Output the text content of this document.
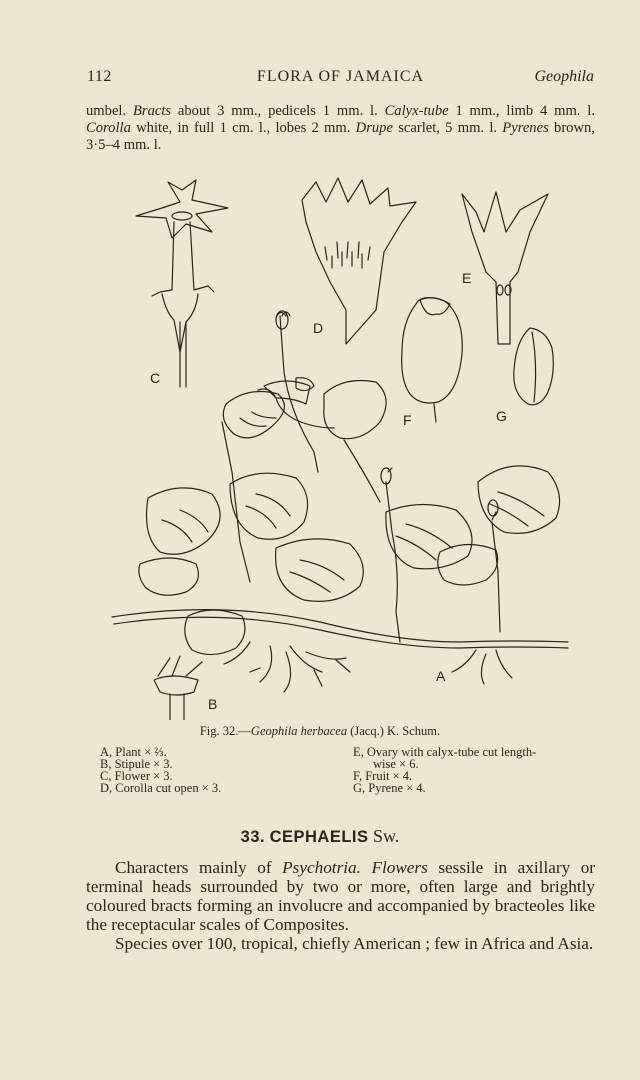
112	FLORA OF JAMAICA	Geophila

umbel. Bracts about 3 mm., pedicels 1 mm. l. Calyx-tube 1 mm., limb 4 mm. l. Corolla white, in full 1 cm. l., lobes 2 mm. Drupe scarlet, 5 mm. l. Pyrenes brown, 3·5–4 mm. l.

C
D
E
F	G
A
B
Fig. 32.—Geophila herbacea (Jacq.) K. Schum.
A, Plant × ⅔.
B, Stipule × 3.
C, Flower × 3.
D, Corolla cut open × 3.
E, Ovary with calyx-tube cut length-
wise × 6.
F, Fruit × 4.
G, Pyrene × 4.
33. CEPHAELIS Sw.

Characters mainly of Psychotria. Flowers sessile in axillary or terminal heads surrounded by two or more, often large and brightly coloured bracts forming an involucre and accompanied by bracteoles like the receptacular scales of Composites.

Species over 100, tropical, chiefly American ; few in Africa and Asia.
